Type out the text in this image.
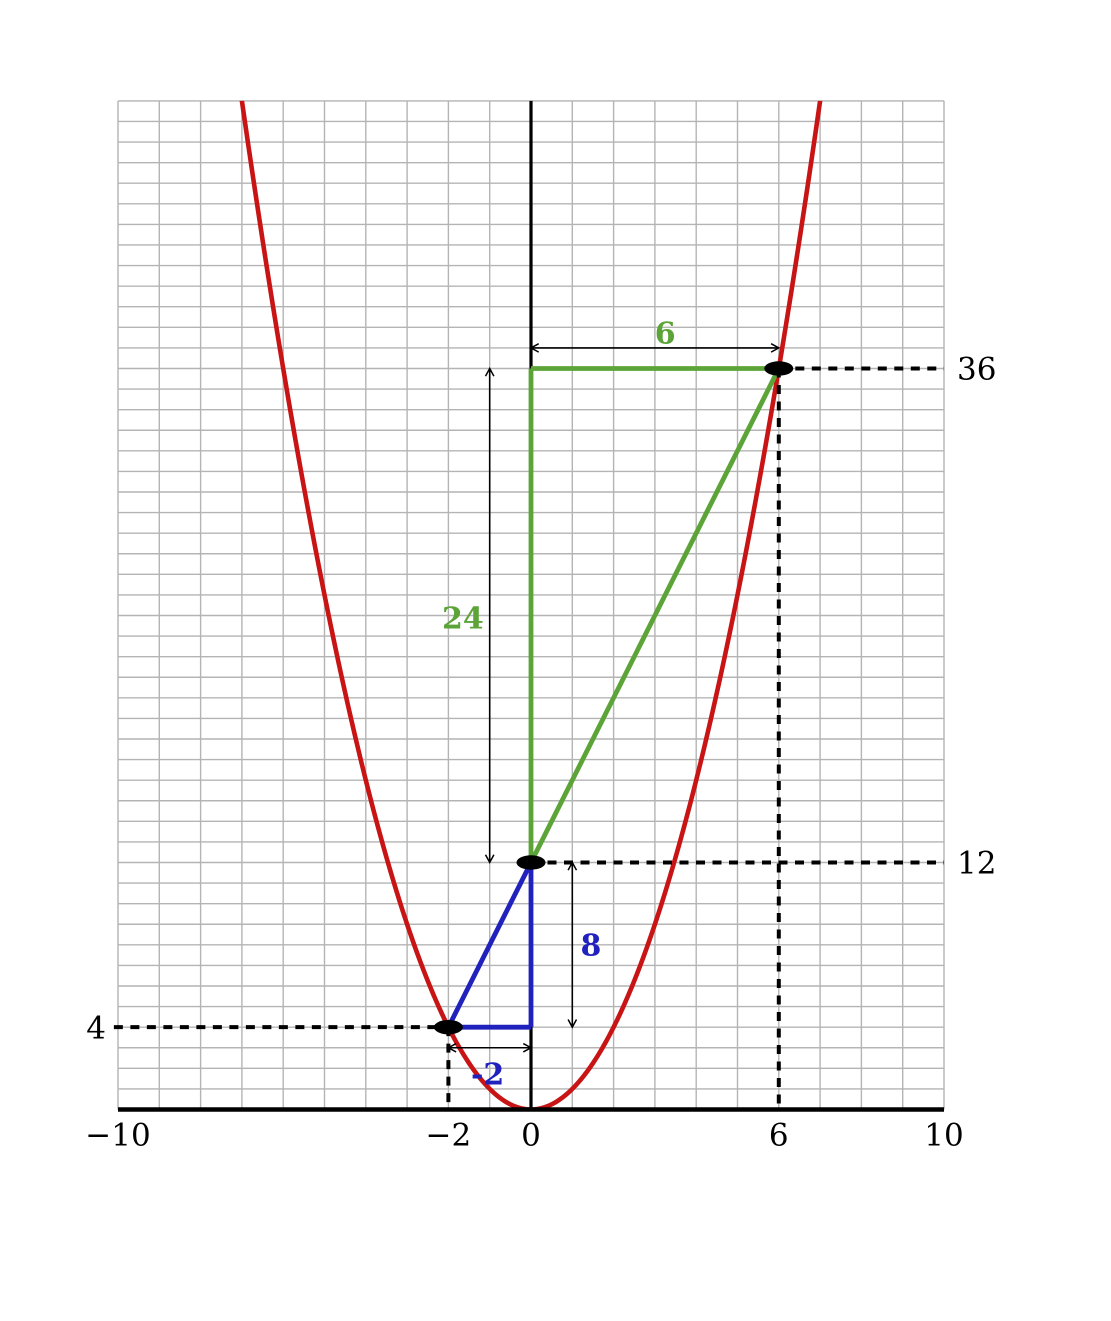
-2
8
24
6
−10	−2 0	6	10
4
12
36
